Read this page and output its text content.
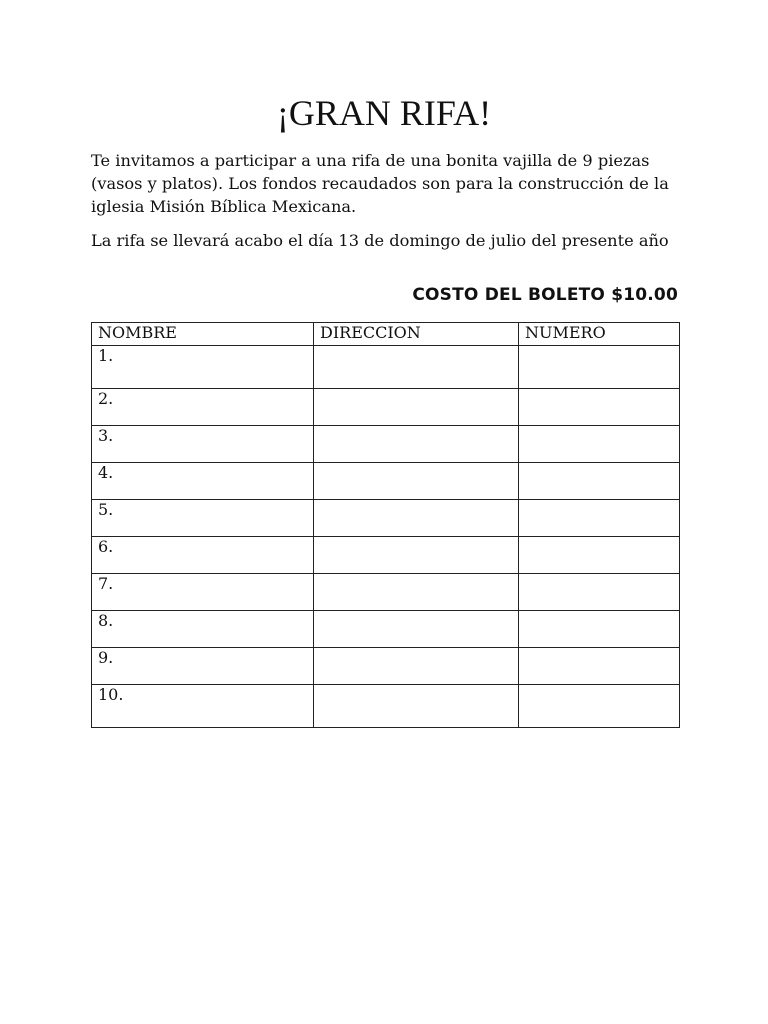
¡GRAN RIFA!

Te invitamos a participar a una rifa de una bonita vajilla de 9 piezas (vasos y platos). Los fondos recaudados son para la construcción de la iglesia Misión Bíblica Mexicana.

La rifa se llevará acabo el día 13 de domingo de julio del presente año

COSTO DEL BOLETO $10.00

NOMBRE	DIRECCION	NUMERO
1.		
2.		
3.		
4.		
5.		
6.		
7.		
8.		
9.		
10.		
